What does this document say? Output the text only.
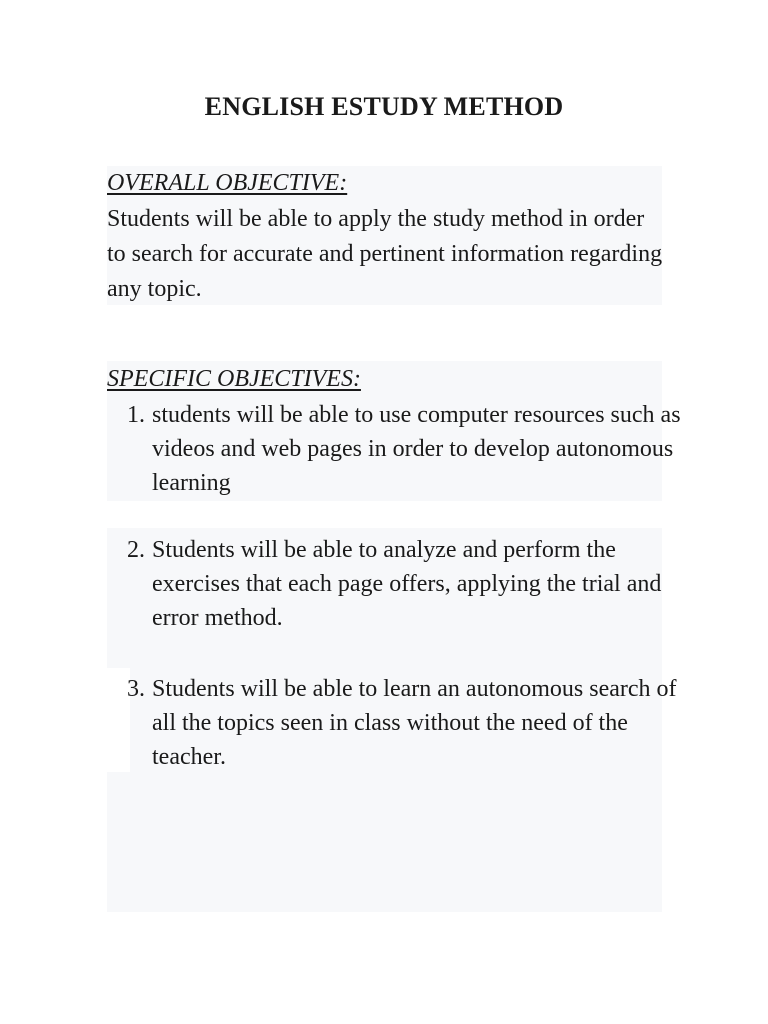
ENGLISH ESTUDY METHOD
OVERALL OBJECTIVE:
Students will be able to apply the study method in order to search for accurate and pertinent information regarding any topic.
SPECIFIC OBJECTIVES:
1. students will be able to use computer resources such as videos and web pages in order to develop autonomous learning
2. Students will be able to analyze and perform the exercises that each page offers, applying the trial and error method.
3. Students will be able to learn an autonomous search of all the topics seen in class without the need of the teacher.
